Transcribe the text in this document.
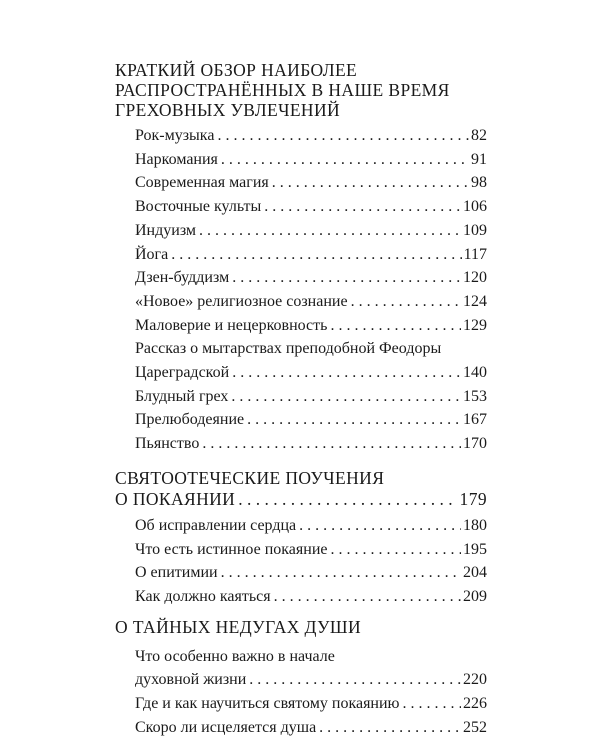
КРАТКИЙ ОБЗОР НАИБОЛЕЕ
РАСПРОСТРАНЁННЫХ В НАШЕ ВРЕМЯ
ГРЕХОВНЫХ УВЛЕЧЕНИЙ
Рок-музыка . . .	82
Наркомания . . .	91
Современная магия . . .	98
Восточные культы . . .	106
Индуизм . . .	109
Йога . . .	117
Дзен-буддизм . . .	120
«Новое» религиозное сознание . . .	124
Маловерие и нецерковность . . .	129
Рассказ о мытарствах преподобной Феодоры
Цареградской . . .	140
Блудный грех . . .	153
Прелюбодеяние . . .	167
Пьянство . . .	170
СВЯТООТЕЧЕСКИЕ ПОУЧЕНИЯ
О ПОКАЯНИИ . . .	179
Об исправлении сердца . . .	180
Что есть истинное покаяние . . .	195
О епитимии . . .	204
Как должно каяться . . .	209
О ТАЙНЫХ НЕДУГАХ ДУШИ
Что особенно важно в начале
духовной жизни . . .	220
Где и как научиться святому покаянию . . .	226
Скоро ли исцеляется душа . . .	252
